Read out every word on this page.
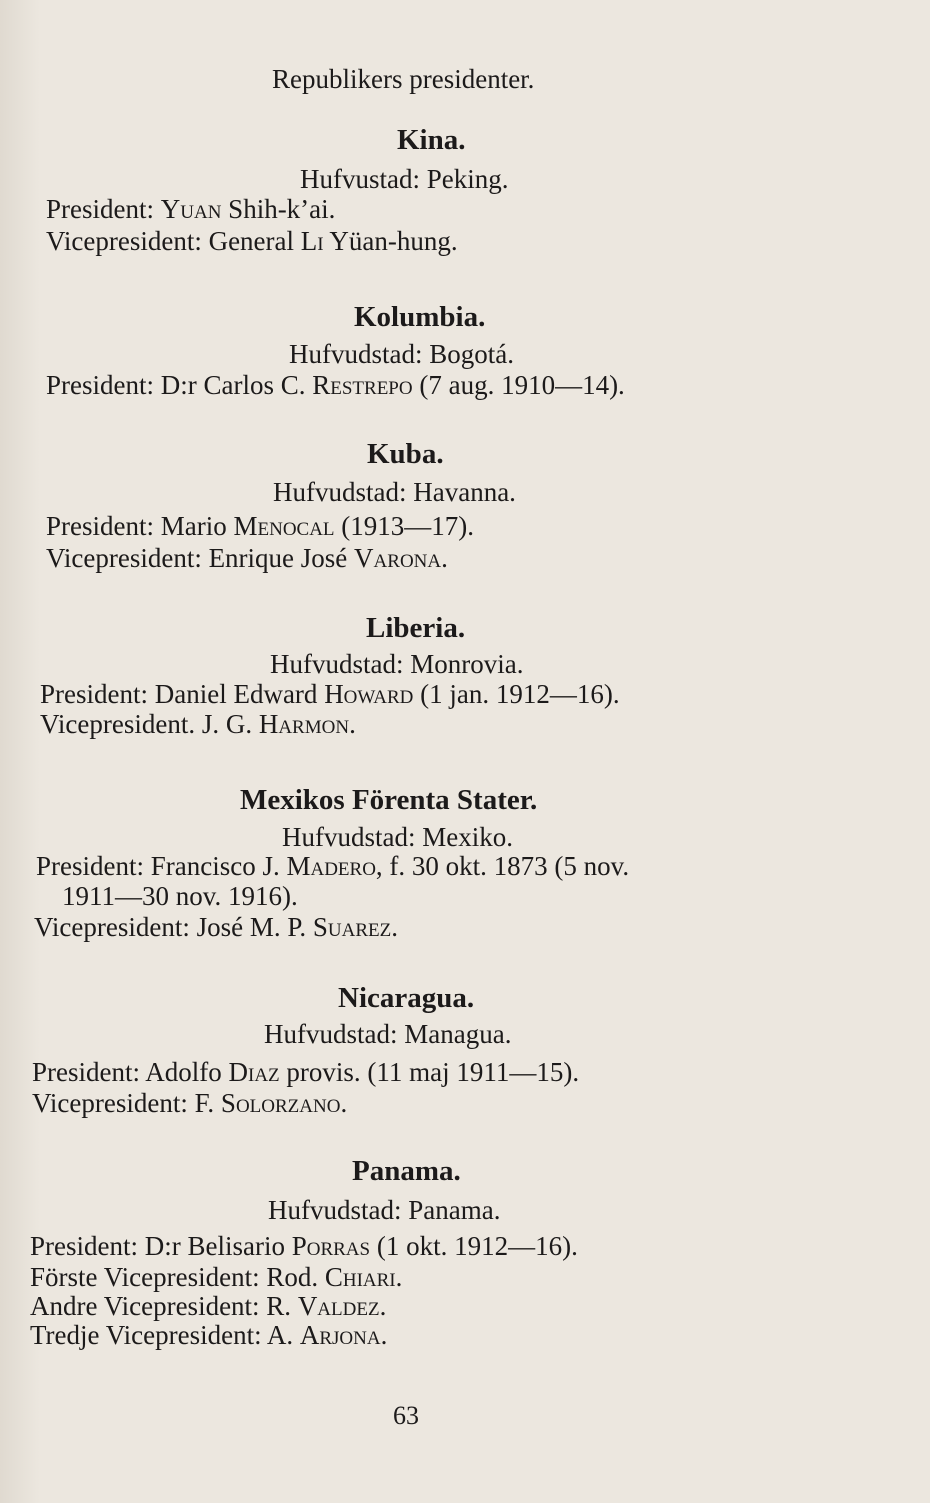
Republikers presidenter.
Kina.
Hufvustad: Peking.
President: Yuan Shih-k’ai.
Vicepresident: General Li Yüan-hung.
Kolumbia.
Hufvudstad: Bogotá.
President: D:r Carlos C. Restrepo (7 aug. 1910—14).
Kuba.
Hufvudstad: Havanna.
President: Mario Menocal (1913—17).
Vicepresident: Enrique José Varona.
Liberia.
Hufvudstad: Monrovia.
President: Daniel Edward Howard (1 jan. 1912—16).
Vicepresident. J. G. Harmon.
Mexikos Förenta Stater.
Hufvudstad: Mexiko.
President: Francisco J. Madero, f. 30 okt. 1873 (5 nov.
1911—30 nov. 1916).
Vicepresident: José M. P. Suarez.
Nicaragua.
Hufvudstad: Managua.
President: Adolfo Diaz provis. (11 maj 1911—15).
Vicepresident: F. Solorzano.
Panama.
Hufvudstad: Panama.
President: D:r Belisario Porras (1 okt. 1912—16).
Förste Vicepresident: Rod. Chiari.
Andre Vicepresident: R. Valdez.
Tredje Vicepresident: A. Arjona.
63
